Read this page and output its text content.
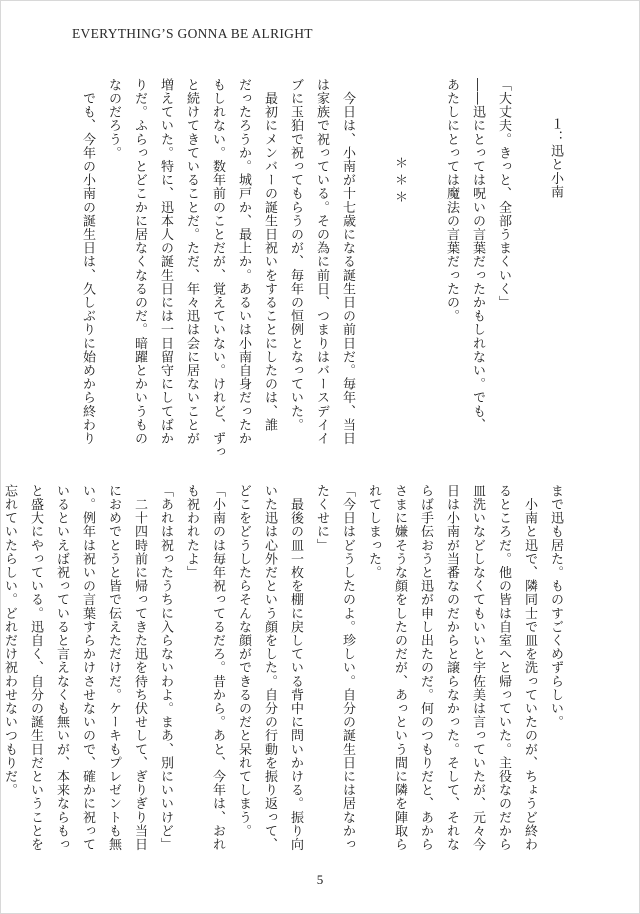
EVERYTHING’S GONNA BE ALRIGHT

１：迅と小南

「大丈夫。きっと、全部うまくいく」

――迅にとっては呪いの言葉だったかもしれない。でも、

あたしにとっては魔法の言葉だったの。

＊＊＊

　今日は、小南が十七歳になる誕生日の前日だ。毎年、当日

は家族で祝っている。その為に前日、つまりはバースデイイ

ブに玉狛で祝ってもらうのが、毎年の恒例となっていた。

　最初にメンバーの誕生日祝いをすることにしたのは、誰

だったろうか。城戸か、最上か。あるいは小南自身だったか

もしれない。数年前のことだが、覚えていない。けれど、ずっ

と続けてきていることだ。ただ、年々迅は会に居ないことが

増えていた。特に、迅本人の誕生日には一日留守にしてばか

りだ。ふらっとどこかに居なくなるのだ。暗躍とかいうもの

なのだろう。

　でも、今年の小南の誕生日は、久しぶりに始めから終わり

まで迅も居た。ものすごくめずらしい。

　小南と迅で、隣同士で皿を洗っていたのが、ちょうど終わ

るところだ。他の皆は自室へと帰っていた。主役なのだから

皿洗いなどしなくてもいいと宇佐美は言っていたが、元々今

日は小南が当番なのだからと譲らなかった。そして、それな

らば手伝おうと迅が申し出たのだ。何のつもりだと、あから

さまに嫌そうな顔をしたのだが、あっという間に隣を陣取ら

れてしまった。

「今日はどうしたのよ。珍しい。自分の誕生日には居なかっ

たくせに」

　最後の皿一枚を棚に戻している背中に問いかける。振り向

いた迅は心外だという顔をした。自分の行動を振り返って、

どこをどうしたらそんな顔ができるのだと呆れてしまう。

「小南のは毎年祝ってるだろ。昔から。あと、今年は、おれ

も祝われたよ」

「あれは祝ったうちに入らないわよ。まあ、別にいいけど」

　二十四時前に帰ってきた迅を待ち伏せして、ぎりぎり当日

におめでとうと皆で伝えただけだ。ケーキもプレゼントも無

い。例年は祝いの言葉すらかけさせないので、確かに祝って

いるといえば祝っていると言えなくも無いが、本来ならもっ

と盛大にやっている。迅自く、自分の誕生日だということを

忘れていたらしい。どれだけ祝わせないつもりだ。

5
